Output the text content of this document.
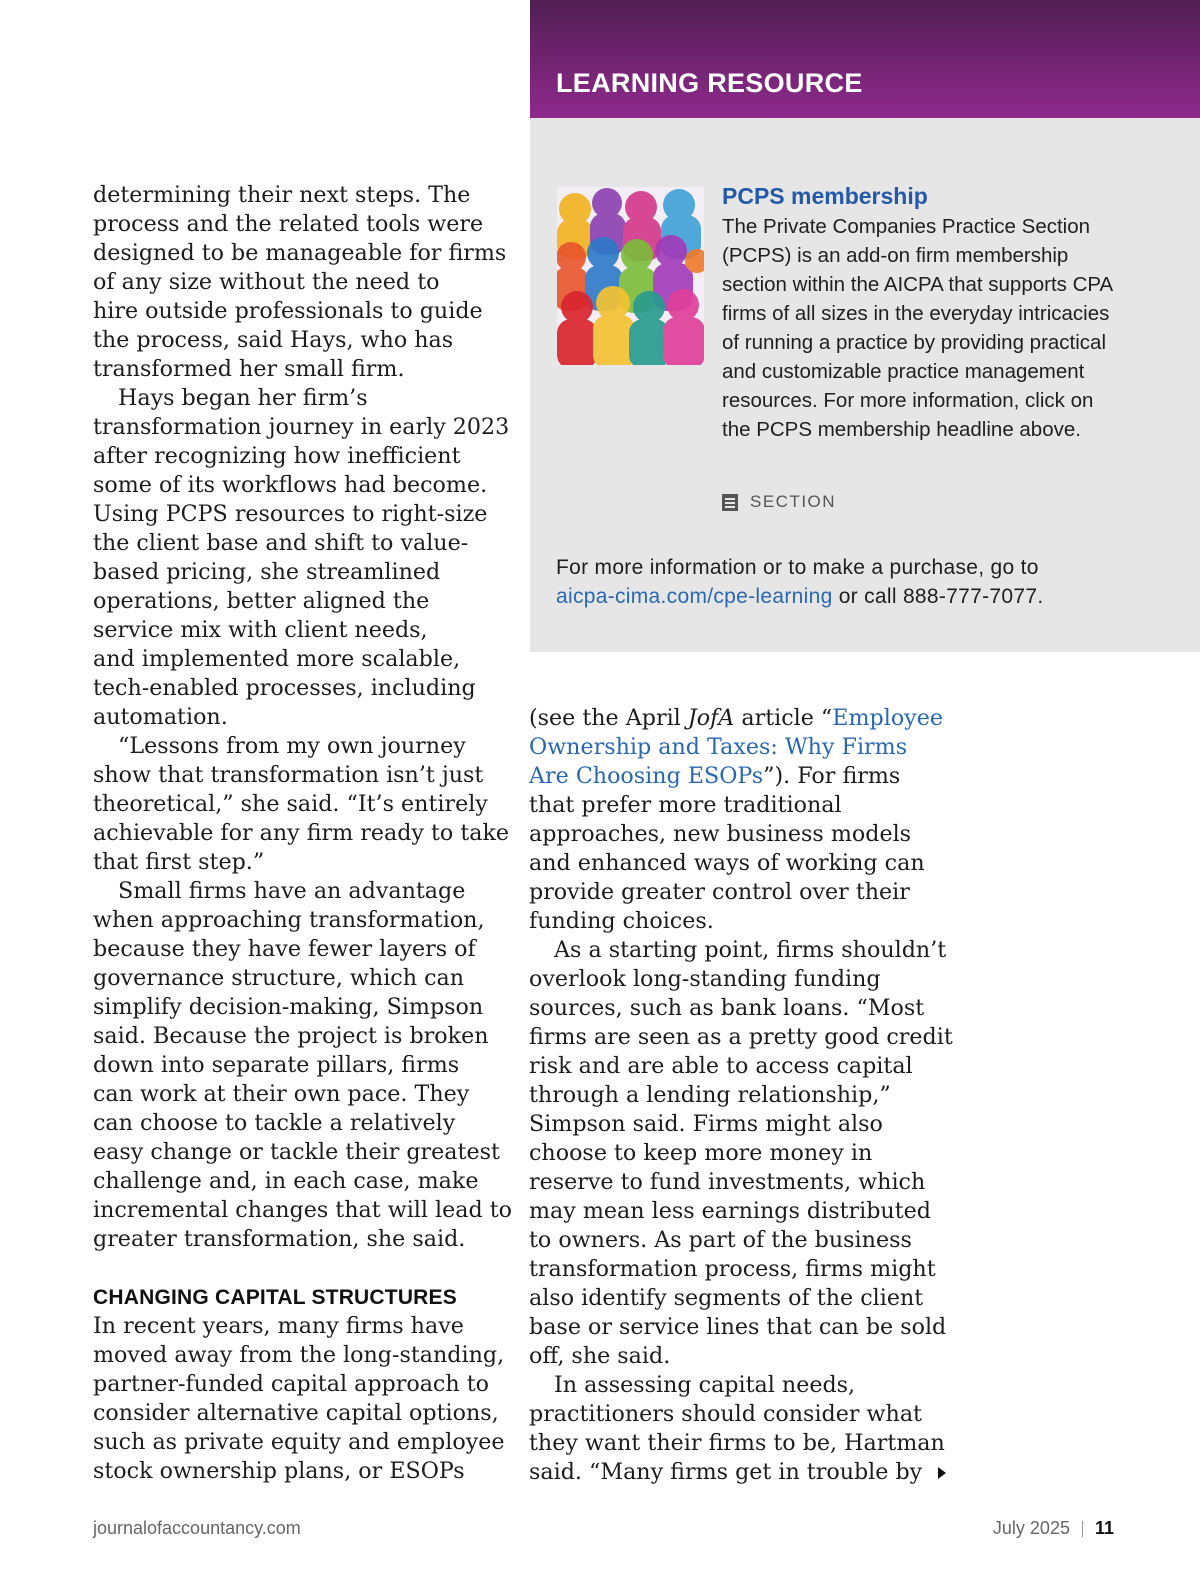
LEARNING RESOURCE
PCPS membership

The Private Companies Practice Section (PCPS) is an add-on firm membership section within the AICPA that supports CPA firms of all sizes in the everyday intricacies of running a practice by providing practical and customizable practice management resources. For more information, click on the PCPS membership headline above.

SECTION

For more information or to make a purchase, go to
aicpa-cima.com/cpe-learning or call 888-777-7077.

determining their next steps. The
process and the related tools were
designed to be manageable for firms
of any size without the need to
hire outside professionals to guide
the process, said Hays, who has
transformed her small firm.

Hays began her firm’s
transformation journey in early 2023
after recognizing how inefficient
some of its workflows had become.
Using PCPS resources to right-size
the client base and shift to value-
based pricing, she streamlined
operations, better aligned the
service mix with client needs,
and implemented more scalable,
tech-enabled processes, including
automation.

“Lessons from my own journey
show that transformation isn’t just
theoretical,” she said. “It’s entirely
achievable for any firm ready to take
that first step.”

Small firms have an advantage
when approaching transformation,
because they have fewer layers of
governance structure, which can
simplify decision-making, Simpson
said. Because the project is broken
down into separate pillars, firms
can work at their own pace. They
can choose to tackle a relatively
easy change or tackle their greatest
challenge and, in each case, make
incremental changes that will lead to
greater transformation, she said.

CHANGING CAPITAL STRUCTURES

In recent years, many firms have
moved away from the long-standing,
partner-funded capital approach to
consider alternative capital options,
such as private equity and employee
stock ownership plans, or ESOPs

(see the April JofA article “Employee
Ownership and Taxes: Why Firms
Are Choosing ESOPs”). For firms
that prefer more traditional
approaches, new business models
and enhanced ways of working can
provide greater control over their
funding choices.

As a starting point, firms shouldn’t
overlook long-standing funding
sources, such as bank loans. “Most
firms are seen as a pretty good credit
risk and are able to access capital
through a lending relationship,”
Simpson said. Firms might also
choose to keep more money in
reserve to fund investments, which
may mean less earnings distributed
to owners. As part of the business
transformation process, firms might
also identify segments of the client
base or service lines that can be sold
off, she said.

In assessing capital needs,
practitioners should consider what
they want their firms to be, Hartman
said. “Many firms get in trouble by

journalofaccountancy.com	July 2025 11
